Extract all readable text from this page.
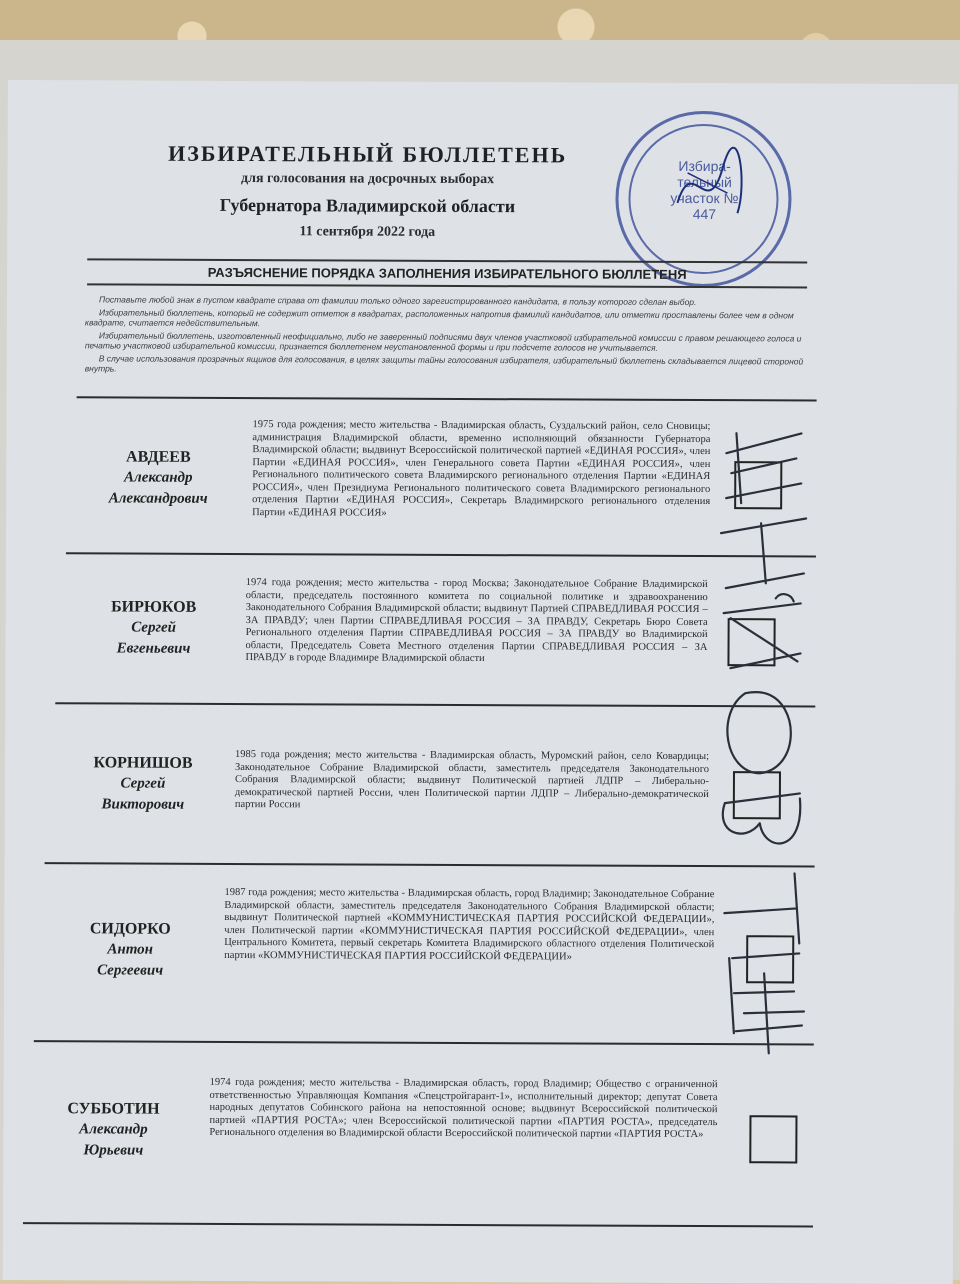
ИЗБИРАТЕЛЬНЫЙ БЮЛЛЕТЕНЬ
для голосования на досрочных выборах
Губернатора Владимирской области
11 сентября 2022 года
Избира- тельный участок № 447
РАЗЪЯСНЕНИЕ ПОРЯДКА ЗАПОЛНЕНИЯ ИЗБИРАТЕЛЬНОГО БЮЛЛЕТЕНЯ

Поставьте любой знак в пустом квадрате справа от фамилии только одного зарегистрированного кандидата, в пользу которого сделан выбор.

Избирательный бюллетень, который не содержит отметок в квадратах, расположенных напротив фамилий кандидатов, или отметки проставлены более чем в одном квадрате, считается недействительным.

Избирательный бюллетень, изготовленный неофициально, либо не заверенный подписями двух членов участковой избирательной комиссии с правом решающего голоса и печатью участковой избирательной комиссии, признается бюллетенем неустановленной формы и при подсчете голосов не учитывается.

В случае использования прозрачных ящиков для голосования, в целях защиты тайны голосования избирателя, избирательный бюллетень складывается лицевой стороной внутрь.

АВДЕЕВ
Александр
Александрович
1975 года рождения; место жительства - Владимирская область, Суздальский район, село Сновицы; администрация Владимирской области, временно исполняющий обязанности Губернатора Владимирской области; выдвинут Всероссийской политической партией «ЕДИНАЯ РОССИЯ», член Партии «ЕДИНАЯ РОССИЯ», член Генерального совета Партии «ЕДИНАЯ РОССИЯ», член Регионального политического совета Владимирского регионального отделения Партии «ЕДИНАЯ РОССИЯ», член Президиума Регионального политического совета Владимирского регионального отделения Партии «ЕДИНАЯ РОССИЯ», Секретарь Владимирского регионального отделения Партии «ЕДИНАЯ РОССИЯ»
БИРЮКОВ
Сергей
Евгеньевич
1974 года рождения; место жительства - город Москва; Законодательное Собрание Владимирской области, председатель постоянного комитета по социальной политике и здравоохранению Законодательного Собрания Владимирской области; выдвинут Партией СПРАВЕДЛИВАЯ РОССИЯ – ЗА ПРАВДУ; член Партии СПРАВЕДЛИВАЯ РОССИЯ – ЗА ПРАВДУ, Секретарь Бюро Совета Регионального отделения Партии СПРАВЕДЛИВАЯ РОССИЯ – ЗА ПРАВДУ во Владимирской области, Председатель Совета Местного отделения Партии СПРАВЕДЛИВАЯ РОССИЯ – ЗА ПРАВДУ в городе Владимире Владимирской области
КОРНИШОВ
Сергей
Викторович
1985 года рождения; место жительства - Владимирская область, Муромский район, село Ковардицы; Законодательное Собрание Владимирской области, заместитель председателя Законодательного Собрания Владимирской области; выдвинут Политической партией ЛДПР – Либерально-демократической партией России, член Политической партии ЛДПР – Либерально-демократической партии России
СИДОРКО
Антон
Сергеевич
1987 года рождения; место жительства - Владимирская область, город Владимир; Законодательное Собрание Владимирской области, заместитель председателя Законодательного Собрания Владимирской области; выдвинут Политической партией «КОММУНИСТИЧЕСКАЯ ПАРТИЯ РОССИЙСКОЙ ФЕДЕРАЦИИ», член Политической партии «КОММУНИСТИЧЕСКАЯ ПАРТИЯ РОССИЙСКОЙ ФЕДЕРАЦИИ», член Центрального Комитета, первый секретарь Комитета Владимирского областного отделения Политической партии «КОММУНИСТИЧЕСКАЯ ПАРТИЯ РОССИЙСКОЙ ФЕДЕРАЦИИ»
СУББОТИН
Александр
Юрьевич
1974 года рождения; место жительства - Владимирская область, город Владимир; Общество с ограниченной ответственностью Управляющая Компания «Спецстройгарант-1», исполнительный директор; депутат Совета народных депутатов Собинского района на непостоянной основе; выдвинут Всероссийской политической партией «ПАРТИЯ РОСТА»; член Всероссийской политической партии «ПАРТИЯ РОСТА», председатель Регионального отделения во Владимирской области Всероссийской политической партии «ПАРТИЯ РОСТА»
